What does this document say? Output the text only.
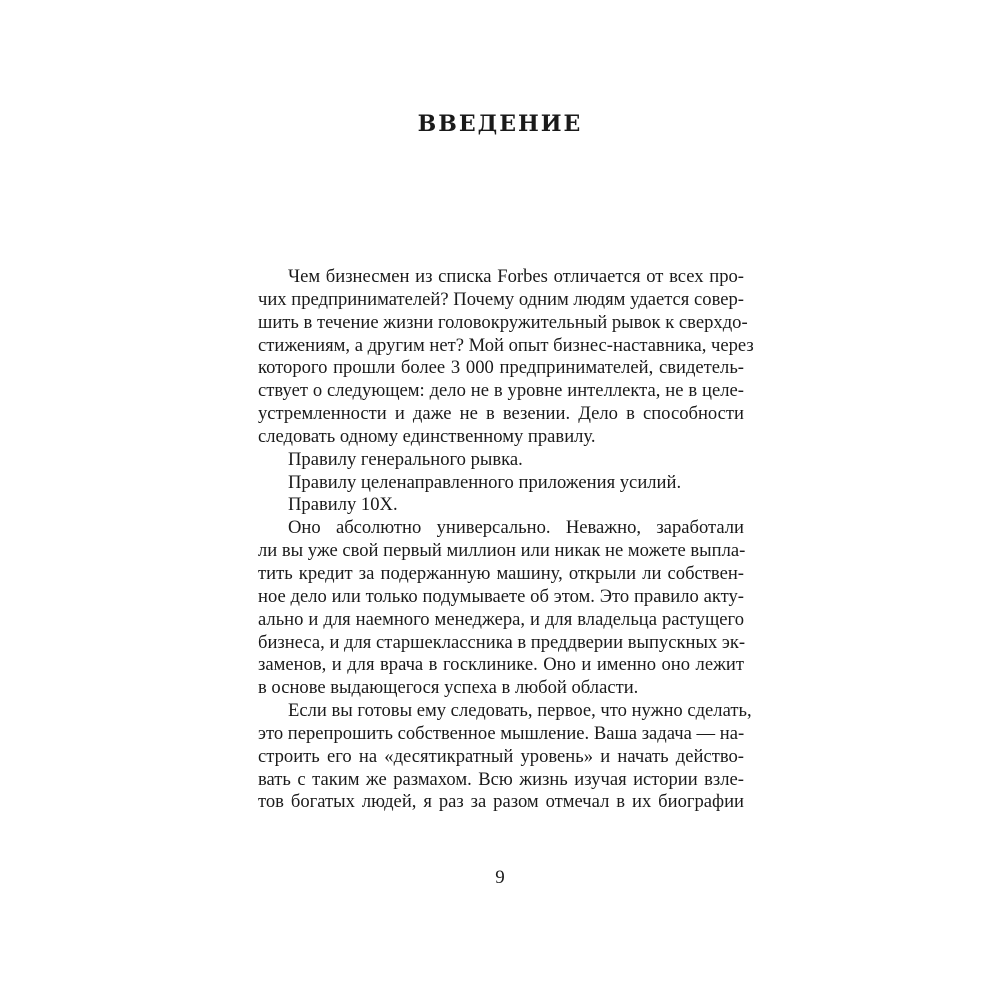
ВВЕДЕНИЕ
Чем бизнесмен из списка Forbes отличается от всех про-
чих предпринимателей? Почему одним людям удается совер-
шить в течение жизни головокружительный рывок к сверхдо-
стижениям, а другим нет? Мой опыт бизнес-наставника, через
которого прошли более 3 000 предпринимателей, свидетель-
ствует о следующем: дело не в уровне интеллекта, не в целе-
устремленности и даже не в везении. Дело в способности
следовать одному единственному правилу.
Правилу генерального рывка.
Правилу целенаправленного приложения усилий.
Правилу 10X.
Оно абсолютно универсально. Неважно, заработали
ли вы уже свой первый миллион или никак не можете выпла-
тить кредит за подержанную машину, открыли ли собствен-
ное дело или только подумываете об этом. Это правило акту-
ально и для наемного менеджера, и для владельца растущего
бизнеса, и для старшеклассника в преддверии выпускных эк-
заменов, и для врача в госклинике. Оно и именно оно лежит
в основе выдающегося успеха в любой области.
Если вы готовы ему следовать, первое, что нужно сделать,
это перепрошить собственное мышление. Ваша задача — на-
строить его на «десятикратный уровень» и начать действо-
вать с таким же размахом. Всю жизнь изучая истории взле-
тов богатых людей, я раз за разом отмечал в их биографии
9
